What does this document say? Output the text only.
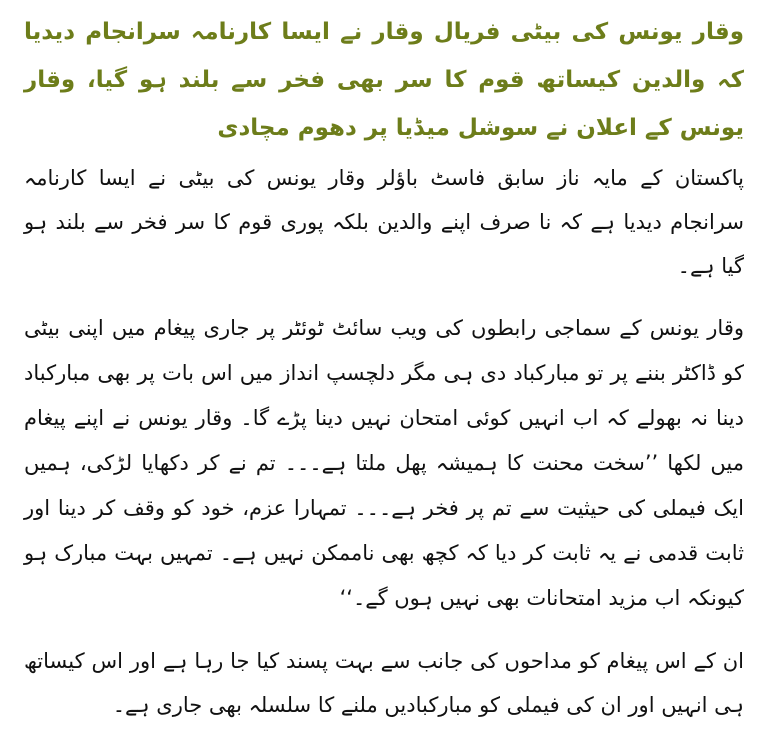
وقار یونس کی بیٹی فریال وقار نے ایسا کارنامہ سرانجام دیدیا کہ والدین کیساتھ قوم کا سر بھی فخر سے بلند ہو گیا، وقار یونس کے اعلان نے سوشل میڈیا پر دھوم مچادی

پاکستان کے مایہ ناز سابق فاسٹ باؤلر وقار یونس کی بیٹی نے ایسا کارنامہ سرانجام دیدیا ہے کہ نا صرف اپنے والدین بلکہ پوری قوم کا سر فخر سے بلند ہو گیا ہے۔

وقار یونس کے سماجی رابطوں کی ویب سائٹ ٹوئٹر پر جاری پیغام میں اپنی بیٹی کو ڈاکٹر بننے پر تو مبارکباد دی ہی مگر دلچسپ انداز میں اس بات پر بھی مبارکباد دینا نہ بھولے کہ اب انہیں کوئی امتحان نہیں دینا پڑے گا۔ وقار یونس نے اپنے پیغام میں لکھا ’’سخت محنت کا ہمیشہ پھل ملتا ہے۔۔۔ تم نے کر دکھایا لڑکی، ہمیں ایک فیملی کی حیثیت سے تم پر فخر ہے۔۔۔ تمہارا عزم، خود کو وقف کر دینا اور ثابت قدمی نے یہ ثابت کر دیا کہ کچھ بھی ناممکن نہیں ہے۔ تمہیں بہت مبارک ہو کیونکہ اب مزید امتحانات بھی نہیں ہوں گے۔‘‘

ان کے اس پیغام کو مداحوں کی جانب سے بہت پسند کیا جا رہا ہے اور اس کیساتھ ہی انہیں اور ان کی فیملی کو مبارکبادیں ملنے کا سلسلہ بھی جاری ہے۔
